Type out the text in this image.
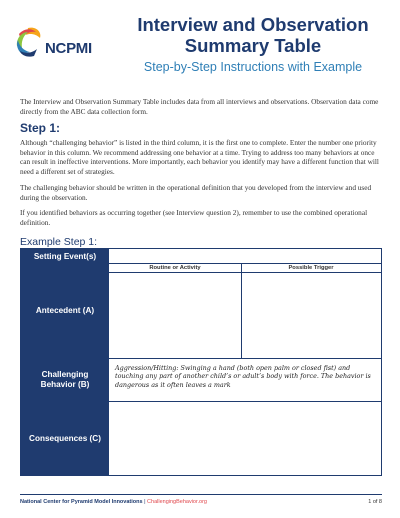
NCPMI
Interview and Observation Summary Table
Step-by-Step Instructions with Example

The Interview and Observation Summary Table includes data from all interviews and observations. Observation data come directly from the ABC data collection form.

Step 1:

Although “challenging behavior” is listed in the third column, it is the first one to complete. Enter the number one priority behavior in this column. We recommend addressing one behavior at a time. Trying to address too many behaviors at once can result in ineffective interventions. More importantly, each behavior you identify may have a different function that will need a different set of strategies.

The challenging behavior should be written in the operational definition that you developed from the interview and used during the observation.

If you identified behaviors as occurring together (see Interview question 2), remember to use the combined operational definition.

Example Step 1:
Setting Event(s)
Antecedent (A)
Routine or Activity	Possible Trigger
Challenging Behavior (B)
Aggression/Hitting: Swinging a hand (both open palm or closed fist) and touching any part of another child’s or adult’s body with force. The behavior is dangerous as it often leaves a mark
Consequences (C)
National Center for Pyramid Model Innovations | ChallengingBehavior.org	1 of 8
